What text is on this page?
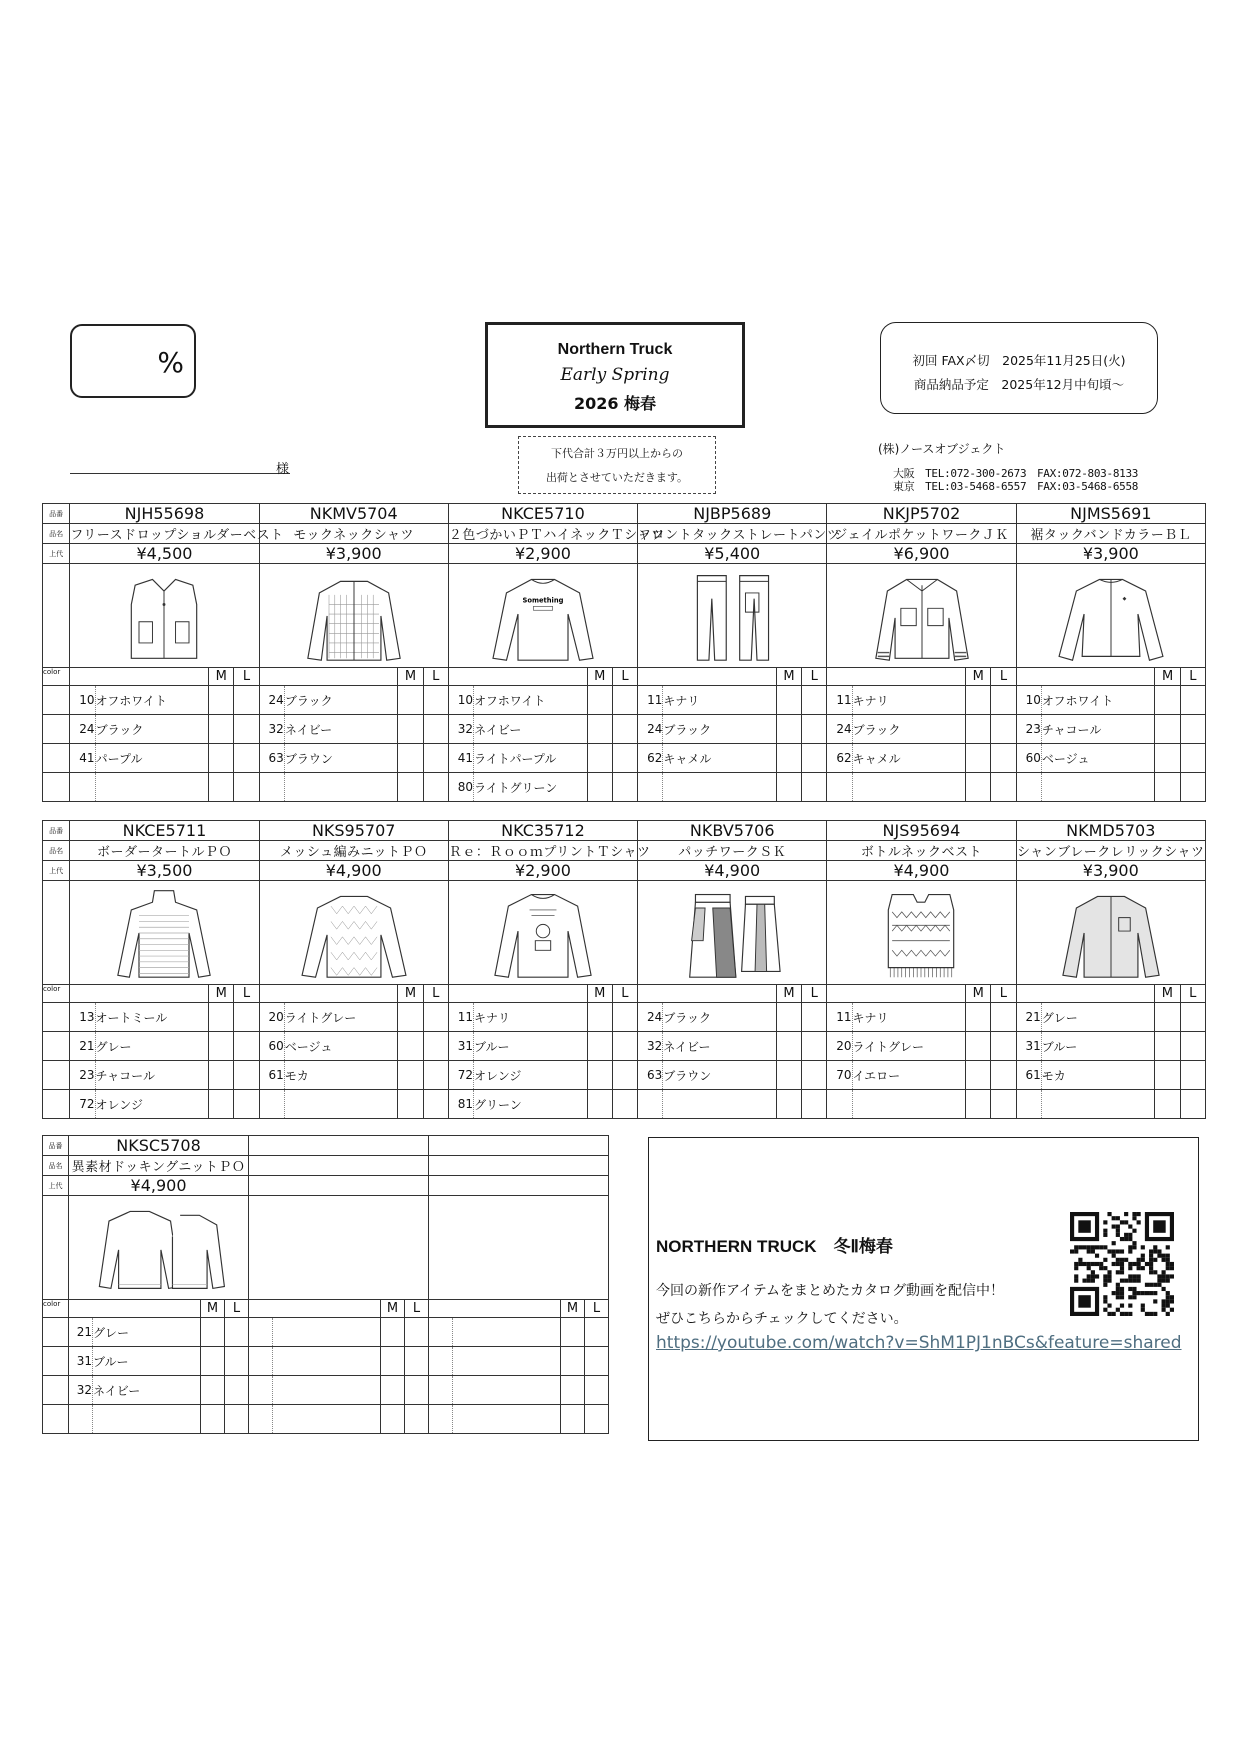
%	Northern Truck
Early Spring
2026 梅春
初回 FAX〆切　2025年11月25日(火)
商品納品予定　2025年12月中旬頃～
下代合計３万円以上からの
出荷とさせていただきます。
様
(株)ノースオブジェクト
大阪　TEL:072-300-2673　FAX:072-803-8133
東京　TEL:03-5468-6557　FAX:03-5468-6558
品番	NJH55698				NKMV5704				NKCE5710				NJBP5689				NKJP5702				NJMS5691			
品名	フリースドロップショルダーベスト				モックネックシャツ				２色づかいＰＴハイネックＴシャツ				フロントタックストレートパンツ				ジェイルポケットワークＪＫ				裾タックバンドカラーＢＬ			
上代	¥4,500				¥3,900				¥2,900				¥5,400				¥6,900				¥3,900			

Something

color			M	L			M	L			M	L			M	L			M	L			M	L
	10	オフホワイト			24	ブラック			10	オフホワイト			11	キナリ			11	キナリ			10	オフホワイト		
	24	ブラック			32	ネイビー			32	ネイビー			24	ブラック			24	ブラック			23	チャコール		
	41	パープル			63	ブラウン			41	ライトパープル			62	キャメル			62	キャメル			60	ベージュ		
									80	ライトグリーン														
品番	NKCE5711				NKS95707				NKC35712				NKBV5706				NJS95694				NKMD5703			
品名	ボーダータートルＰＯ				メッシュ編みニットＰＯ				Ｒｅ：ＲｏｏｍプリントＴシャツ				パッチワークＳＫ				ボトルネックベスト				シャンブレークレリックシャツ			
上代	¥3,500				¥4,900				¥2,900				¥4,900				¥4,900				¥3,900			

color			M	L			M	L			M	L			M	L			M	L			M	L
	13	オートミール			20	ライトグレー			11	キナリ			24	ブラック			11	キナリ			21	グレー		
	21	グレー			60	ベージュ			31	ブルー			32	ネイビー			20	ライトグレー			31	ブルー		
	23	チャコール			61	モカ			72	オレンジ			63	ブラウン			70	イエロー			61	モカ		
	72	オレンジ							81	グリーン														
品番	NKSC5708											
品名	異素材ドッキングニットＰＯ											
上代	¥4,900											

color			M	L			M	L			M	L
	21	グレー										
	31	ブルー										
	32	ネイビー										

NORTHERN TRUCK　冬Ⅱ梅春
今回の新作アイテムをまとめたカタログ動画を配信中！
ぜひこちらからチェックしてください。
https://youtube.com/watch?v=ShM1PJ1nBCs&feature=shared
